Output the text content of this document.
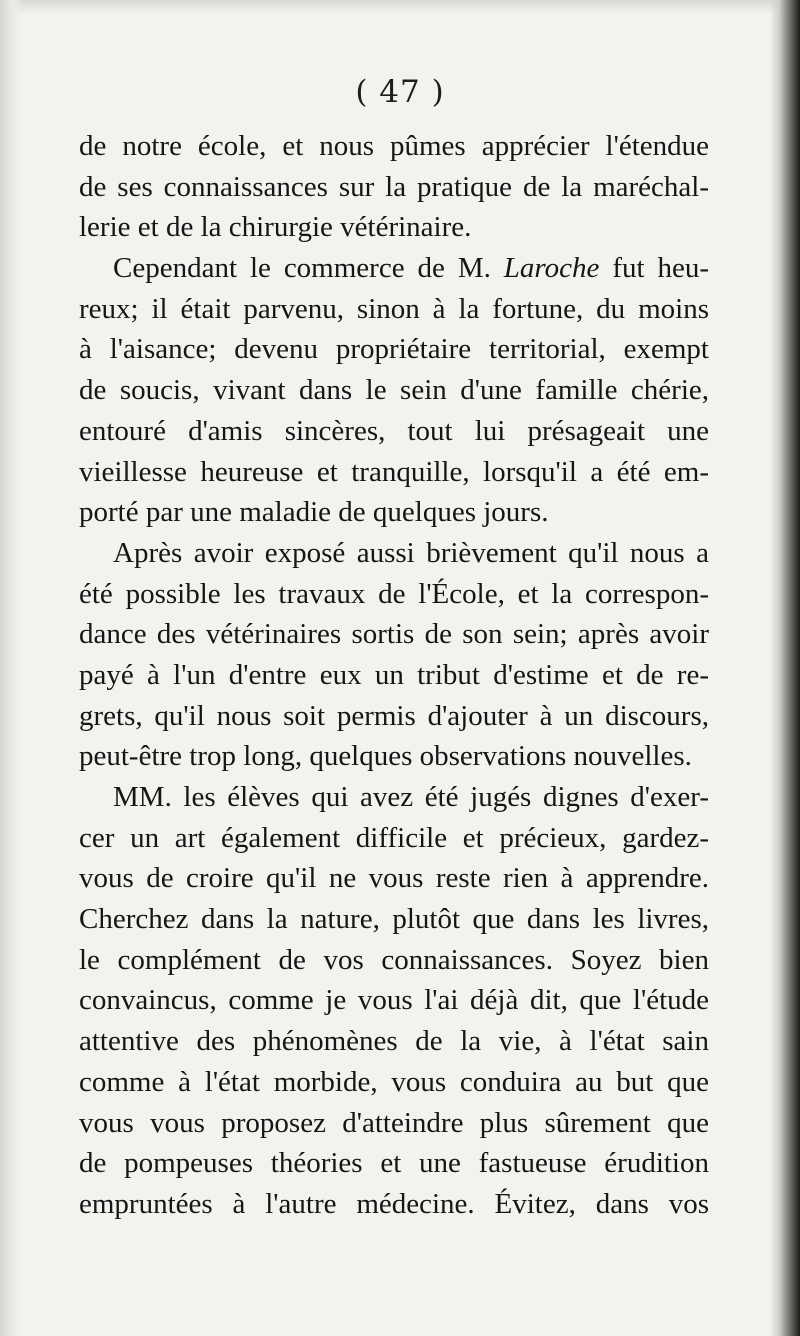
( 47 )
de notre école, et nous pûmes apprécier l'étendue
de ses connaissances sur la pratique de la maréchal-
lerie et de la chirurgie vétérinaire.
Cependant le commerce de M. Laroche fut heu-
reux; il était parvenu, sinon à la fortune, du moins
à l'aisance; devenu propriétaire territorial, exempt
de soucis, vivant dans le sein d'une famille chérie,
entouré d'amis sincères, tout lui présageait une
vieillesse heureuse et tranquille, lorsqu'il a été em-
porté par une maladie de quelques jours.
Après avoir exposé aussi brièvement qu'il nous a
été possible les travaux de l'École, et la correspon-
dance des vétérinaires sortis de son sein; après avoir
payé à l'un d'entre eux un tribut d'estime et de re-
grets, qu'il nous soit permis d'ajouter à un discours,
peut-être trop long, quelques observations nouvelles.
MM. les élèves qui avez été jugés dignes d'exer-
cer un art également difficile et précieux, gardez-
vous de croire qu'il ne vous reste rien à apprendre.
Cherchez dans la nature, plutôt que dans les livres,
le complément de vos connaissances. Soyez bien
convaincus, comme je vous l'ai déjà dit, que l'étude
attentive des phénomènes de la vie, à l'état sain
comme à l'état morbide, vous conduira au but que
vous vous proposez d'atteindre plus sûrement que
de pompeuses théories et une fastueuse érudition
empruntées à l'autre médecine. Évitez, dans vos
